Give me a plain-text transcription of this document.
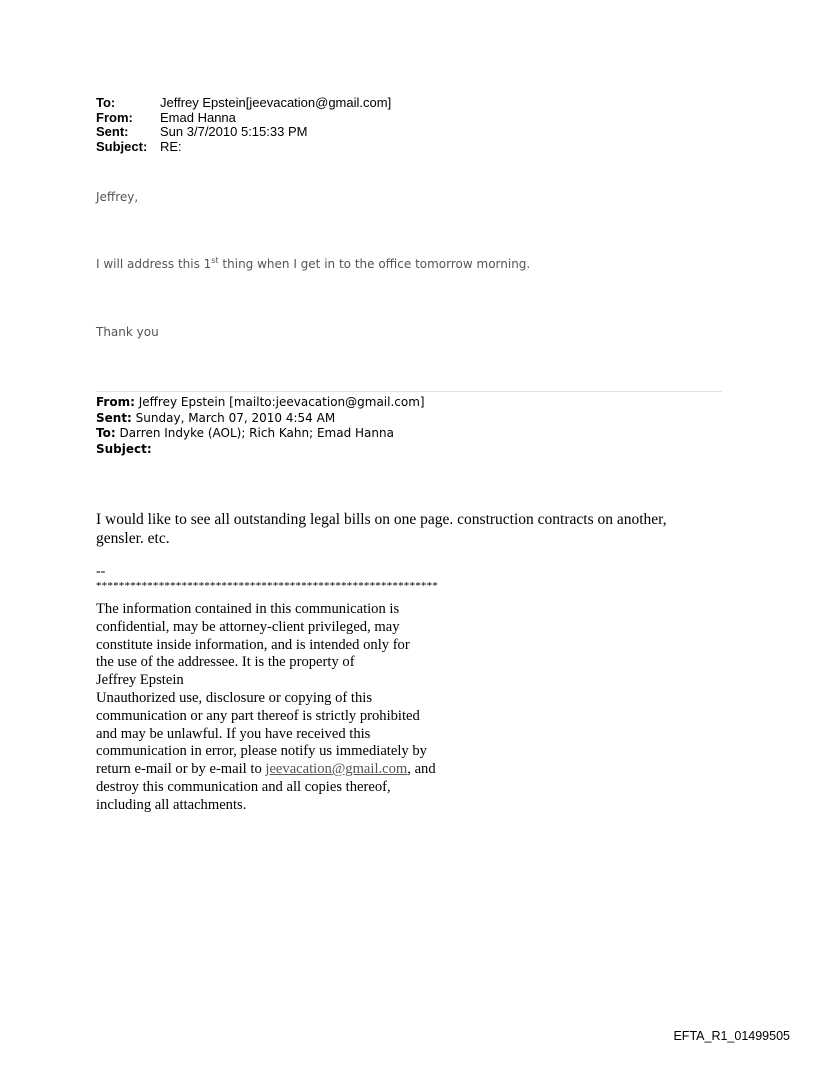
To:	Jeffrey Epstein[jeevacation@gmail.com]
From:	Emad Hanna
Sent:	Sun 3/7/2010 5:15:33 PM
Subject: RE:
Jeffrey,
I will address this 1st thing when I get in to the office tomorrow morning.
Thank you
From: Jeffrey Epstein [mailto:jeevacation@gmail.com]
Sent: Sunday, March 07, 2010 4:54 AM
To: Darren Indyke (AOL); Rich Kahn; Emad Hanna
Subject:
I would like to see all outstanding legal bills on one page. construction contracts on another,
gensler. etc.
--
************************************************************
The information contained in this communication is
confidential, may be attorney-client privileged, may
constitute inside information, and is intended only for
the use of the addressee. It is the property of
Jeffrey Epstein
Unauthorized use, disclosure or copying of this
communication or any part thereof is strictly prohibited
and may be unlawful. If you have received this
communication in error, please notify us immediately by
return e-mail or by e-mail to jeevacation@gmail.com, and
destroy this communication and all copies thereof,
including all attachments.
EFTA_R1_01499505
